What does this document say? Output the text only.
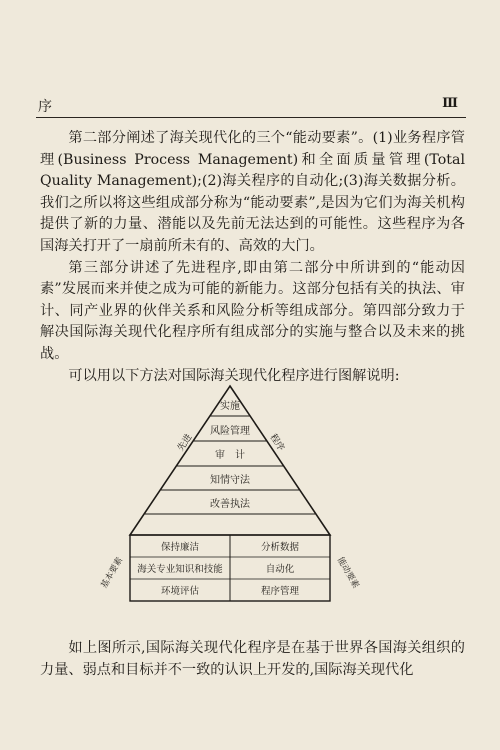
序	Ⅲ

第二部分阐述了海关现代化的三个“能动要素”。(1)业务程序管理(Business Process Management)和全面质量管理(Total Quality Management);(2)海关程序的自动化;(3)海关数据分析。我们之所以将这些组成部分称为“能动要素”,是因为它们为海关机构提供了新的力量、潜能以及先前无法达到的可能性。这些程序为各国海关打开了一扇前所未有的、高效的大门。

第三部分讲述了先进程序,即由第二部分中所讲到的“能动因素”发展而来并使之成为可能的新能力。这部分包括有关的执法、审计、同产业界的伙伴关系和风险分析等组成部分。第四部分致力于解决国际海关现代化程序所有组成部分的实施与整合以及未来的挑战。

可以用以下方法对国际海关现代化程序进行图解说明:

实施
风险管理
审　计
知情守法
改善执法
先进	程序
保持廉洁	分析数据
海关专业知识和技能	自动化
环境评估	程序管理
基本要素	能动要素

如上图所示,国际海关现代化程序是在基于世界各国海关组织的力量、弱点和目标并不一致的认识上开发的,国际海关现代化
